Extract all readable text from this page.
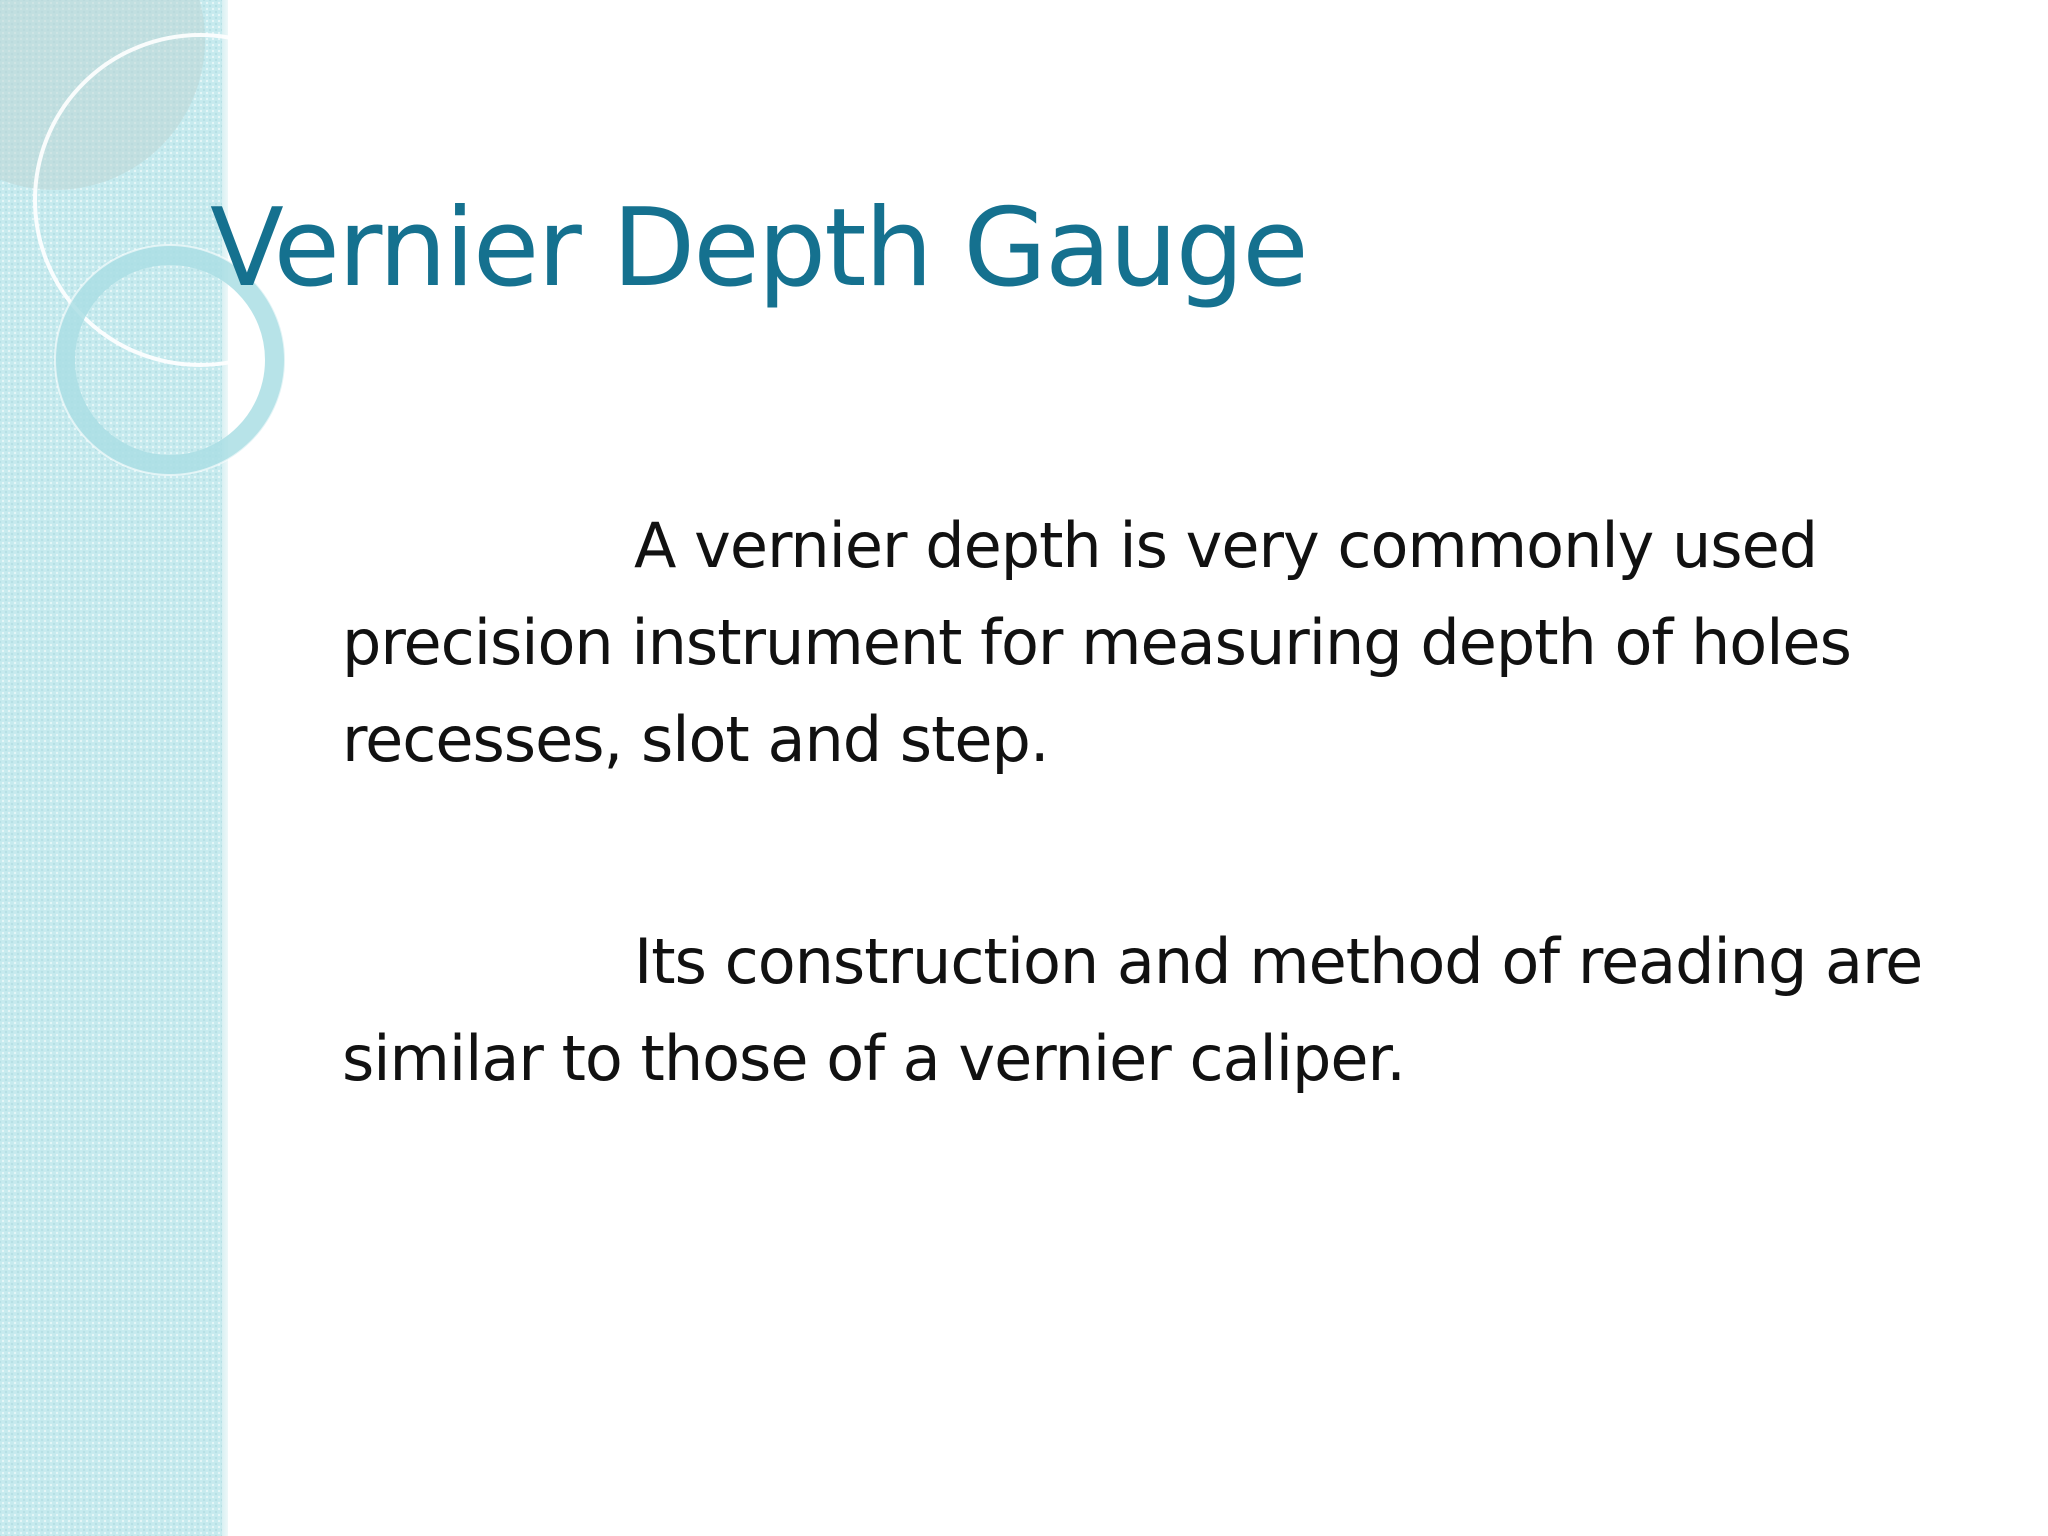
Vernier Depth Gauge

A vernier depth is very commonly used precision instrument for measuring depth of holes recesses, slot and step.

Its construction and method of reading are similar to those of a vernier caliper.
